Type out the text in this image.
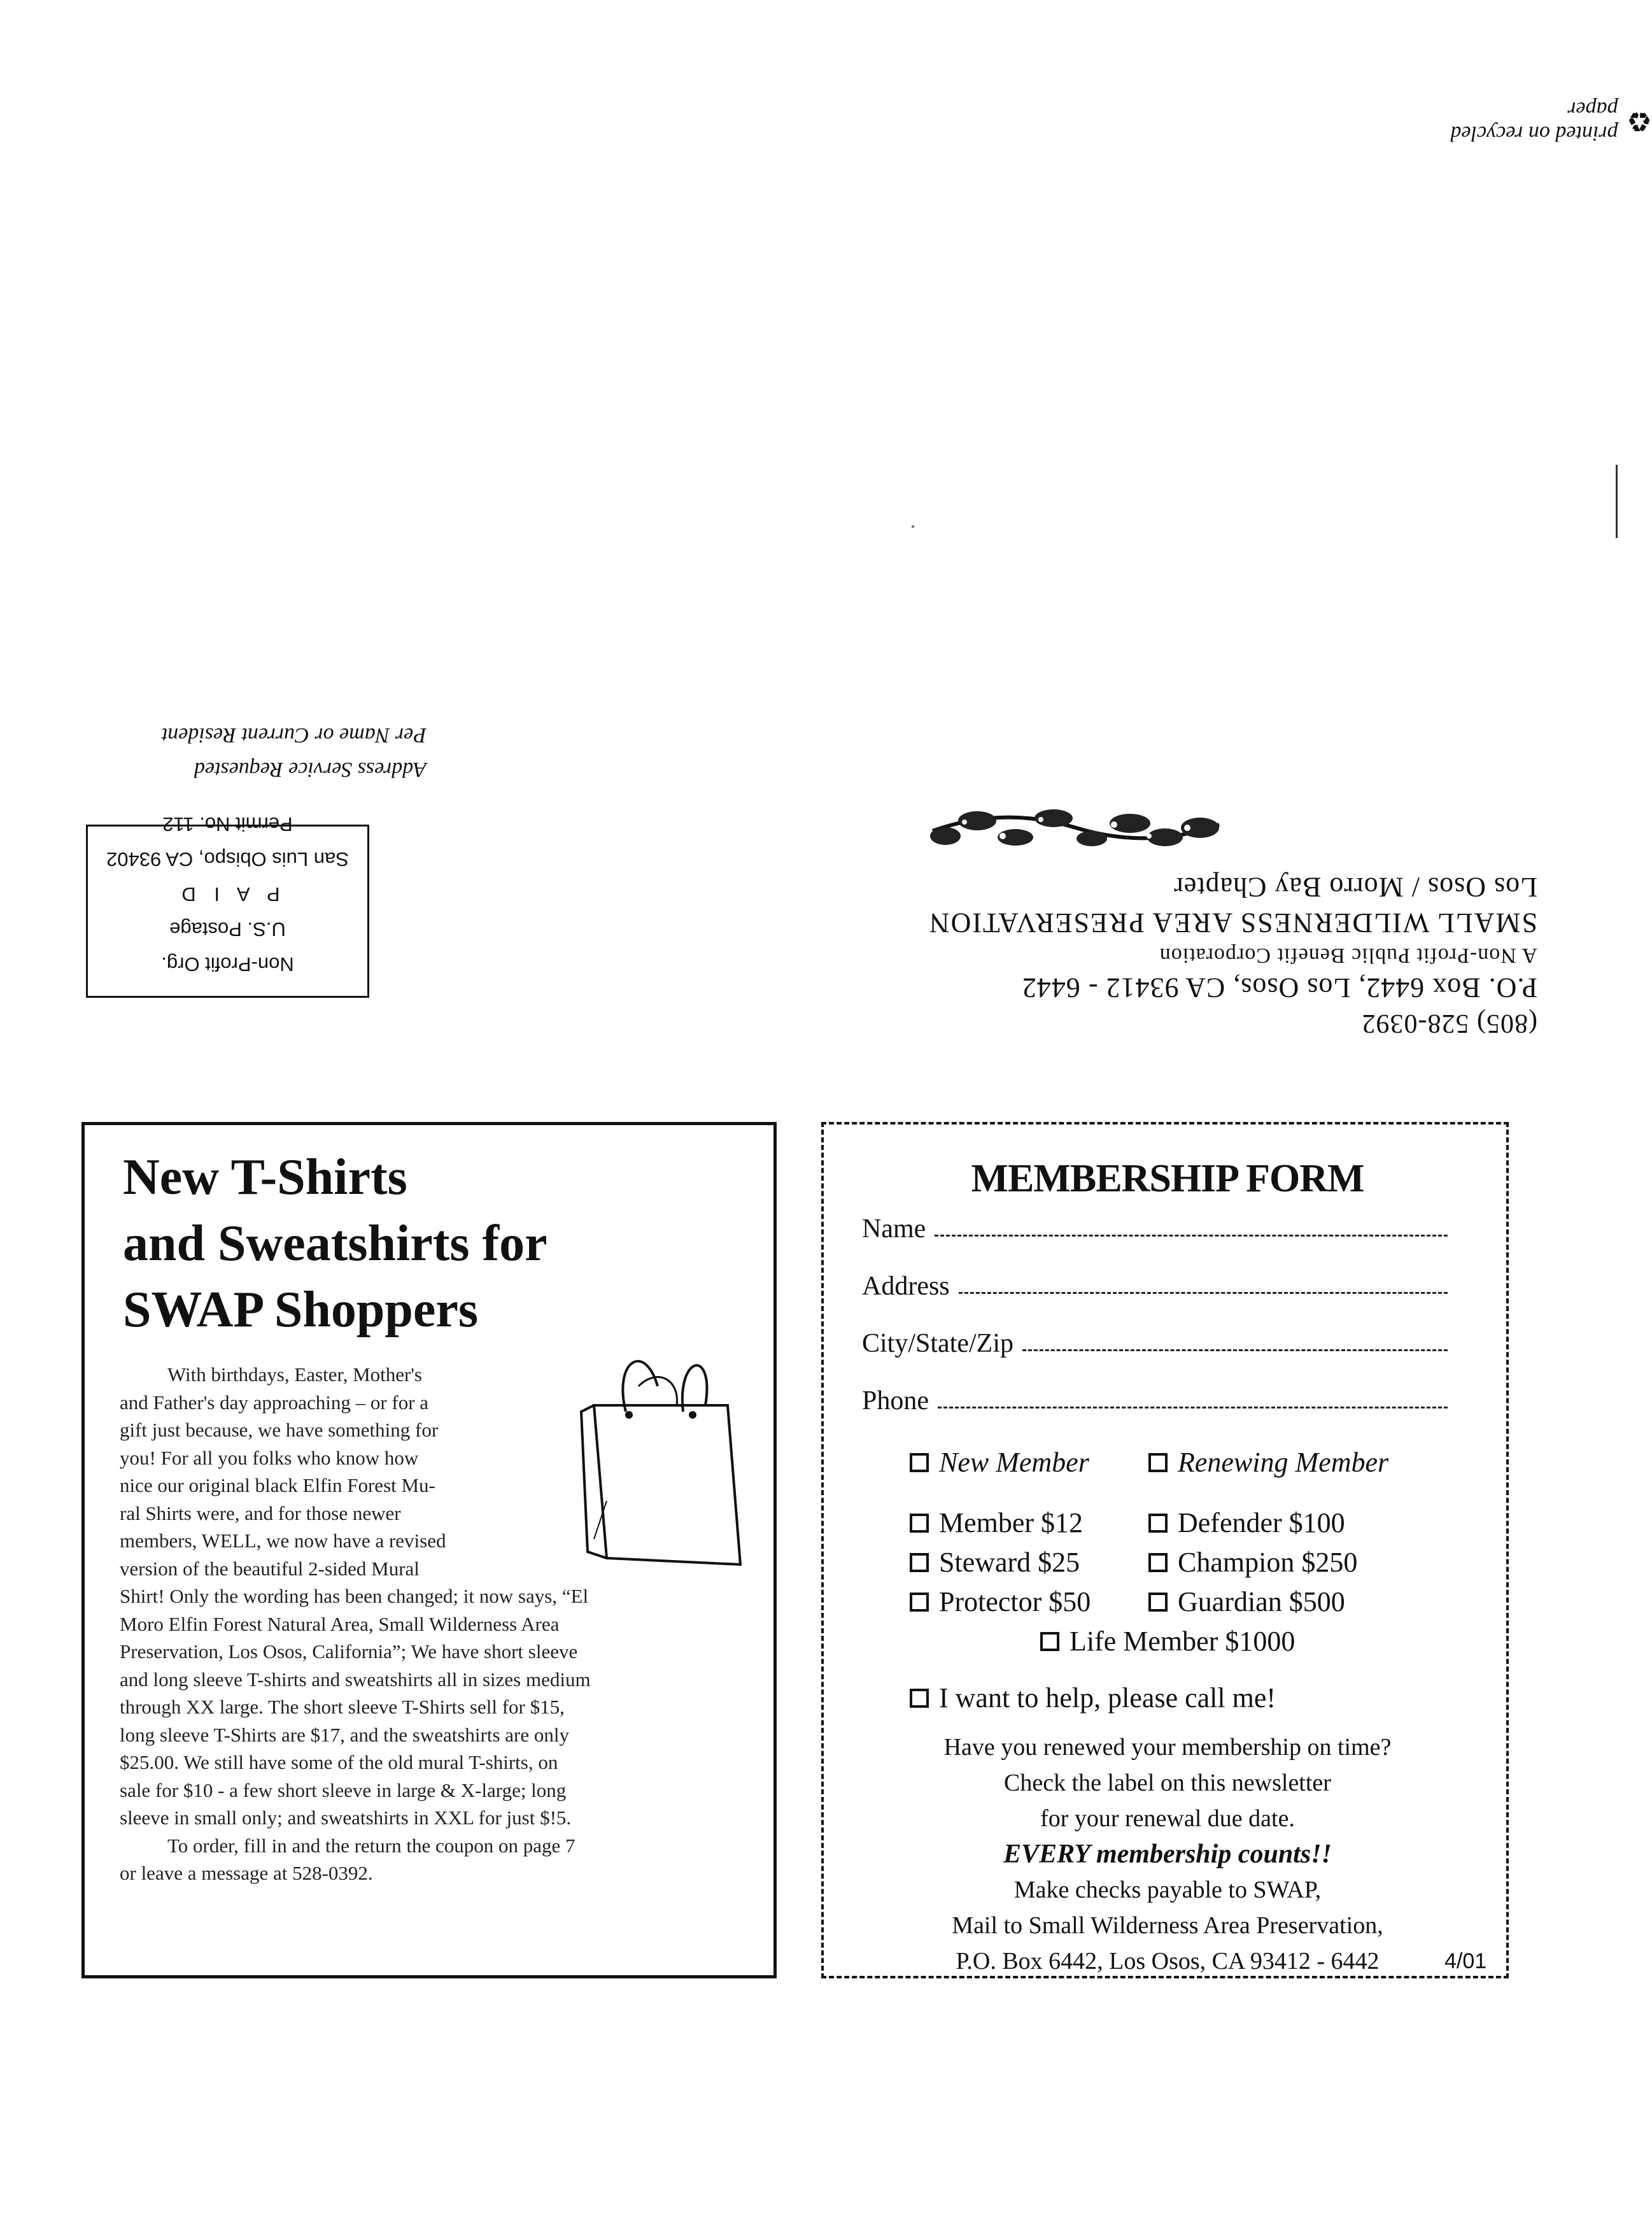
♻
printed on recycled paper
Address Service Requested
Per Name or Current Resident
Non-Profit Org.
U.S. Postage
P A I D
San Luis Obispo, CA 93402
Permit No. 112
(805) 528-0392
P.O. Box 6442, Los Osos, CA 93412 - 6442
A Non-Profit Public Benefit Corporation
SMALL WILDERNESS AREA PRESERVATION
Los Osos / Morro Bay Chapter
New T-Shirts
and Sweatshirts for
SWAP Shoppers
With birthdays, Easter, Mother's
and Father's day approaching – or for a
gift just because, we have something for
you! For all you folks who know how
nice our original black Elfin Forest Mu-
ral Shirts were, and for those newer
members, WELL, we now have a revised
version of the beautiful 2-sided Mural
Shirt! Only the wording has been changed; it now says, “El
Moro Elfin Forest Natural Area, Small Wilderness Area
Preservation, Los Osos, California”; We have short sleeve
and long sleeve T-shirts and sweatshirts all in sizes medium
through XX large. The short sleeve T-Shirts sell for $15,
long sleeve T-Shirts are $17, and the sweatshirts are only
$25.00. We still have some of the old mural T-shirts, on
sale for $10 - a few short sleeve in large & X-large; long
sleeve in small only; and sweatshirts in XXL for just $!5.
To order, fill in and the return the coupon on page 7
or leave a message at 528-0392.
MEMBERSHIP FORM
Name
Address
City/State/Zip
Phone
New Member	Renewing Member
Member $12	Defender $100
Steward $25	Champion $250
Protector $50	Guardian $500
Life Member $1000
I want to help, please call me!
Have you renewed your membership on time?
Check the label on this newsletter
for your renewal due date.
EVERY membership counts!!
Make checks payable to SWAP,
Mail to Small Wilderness Area Preservation,
P.O. Box 6442, Los Osos, CA 93412 - 6442	4/01
